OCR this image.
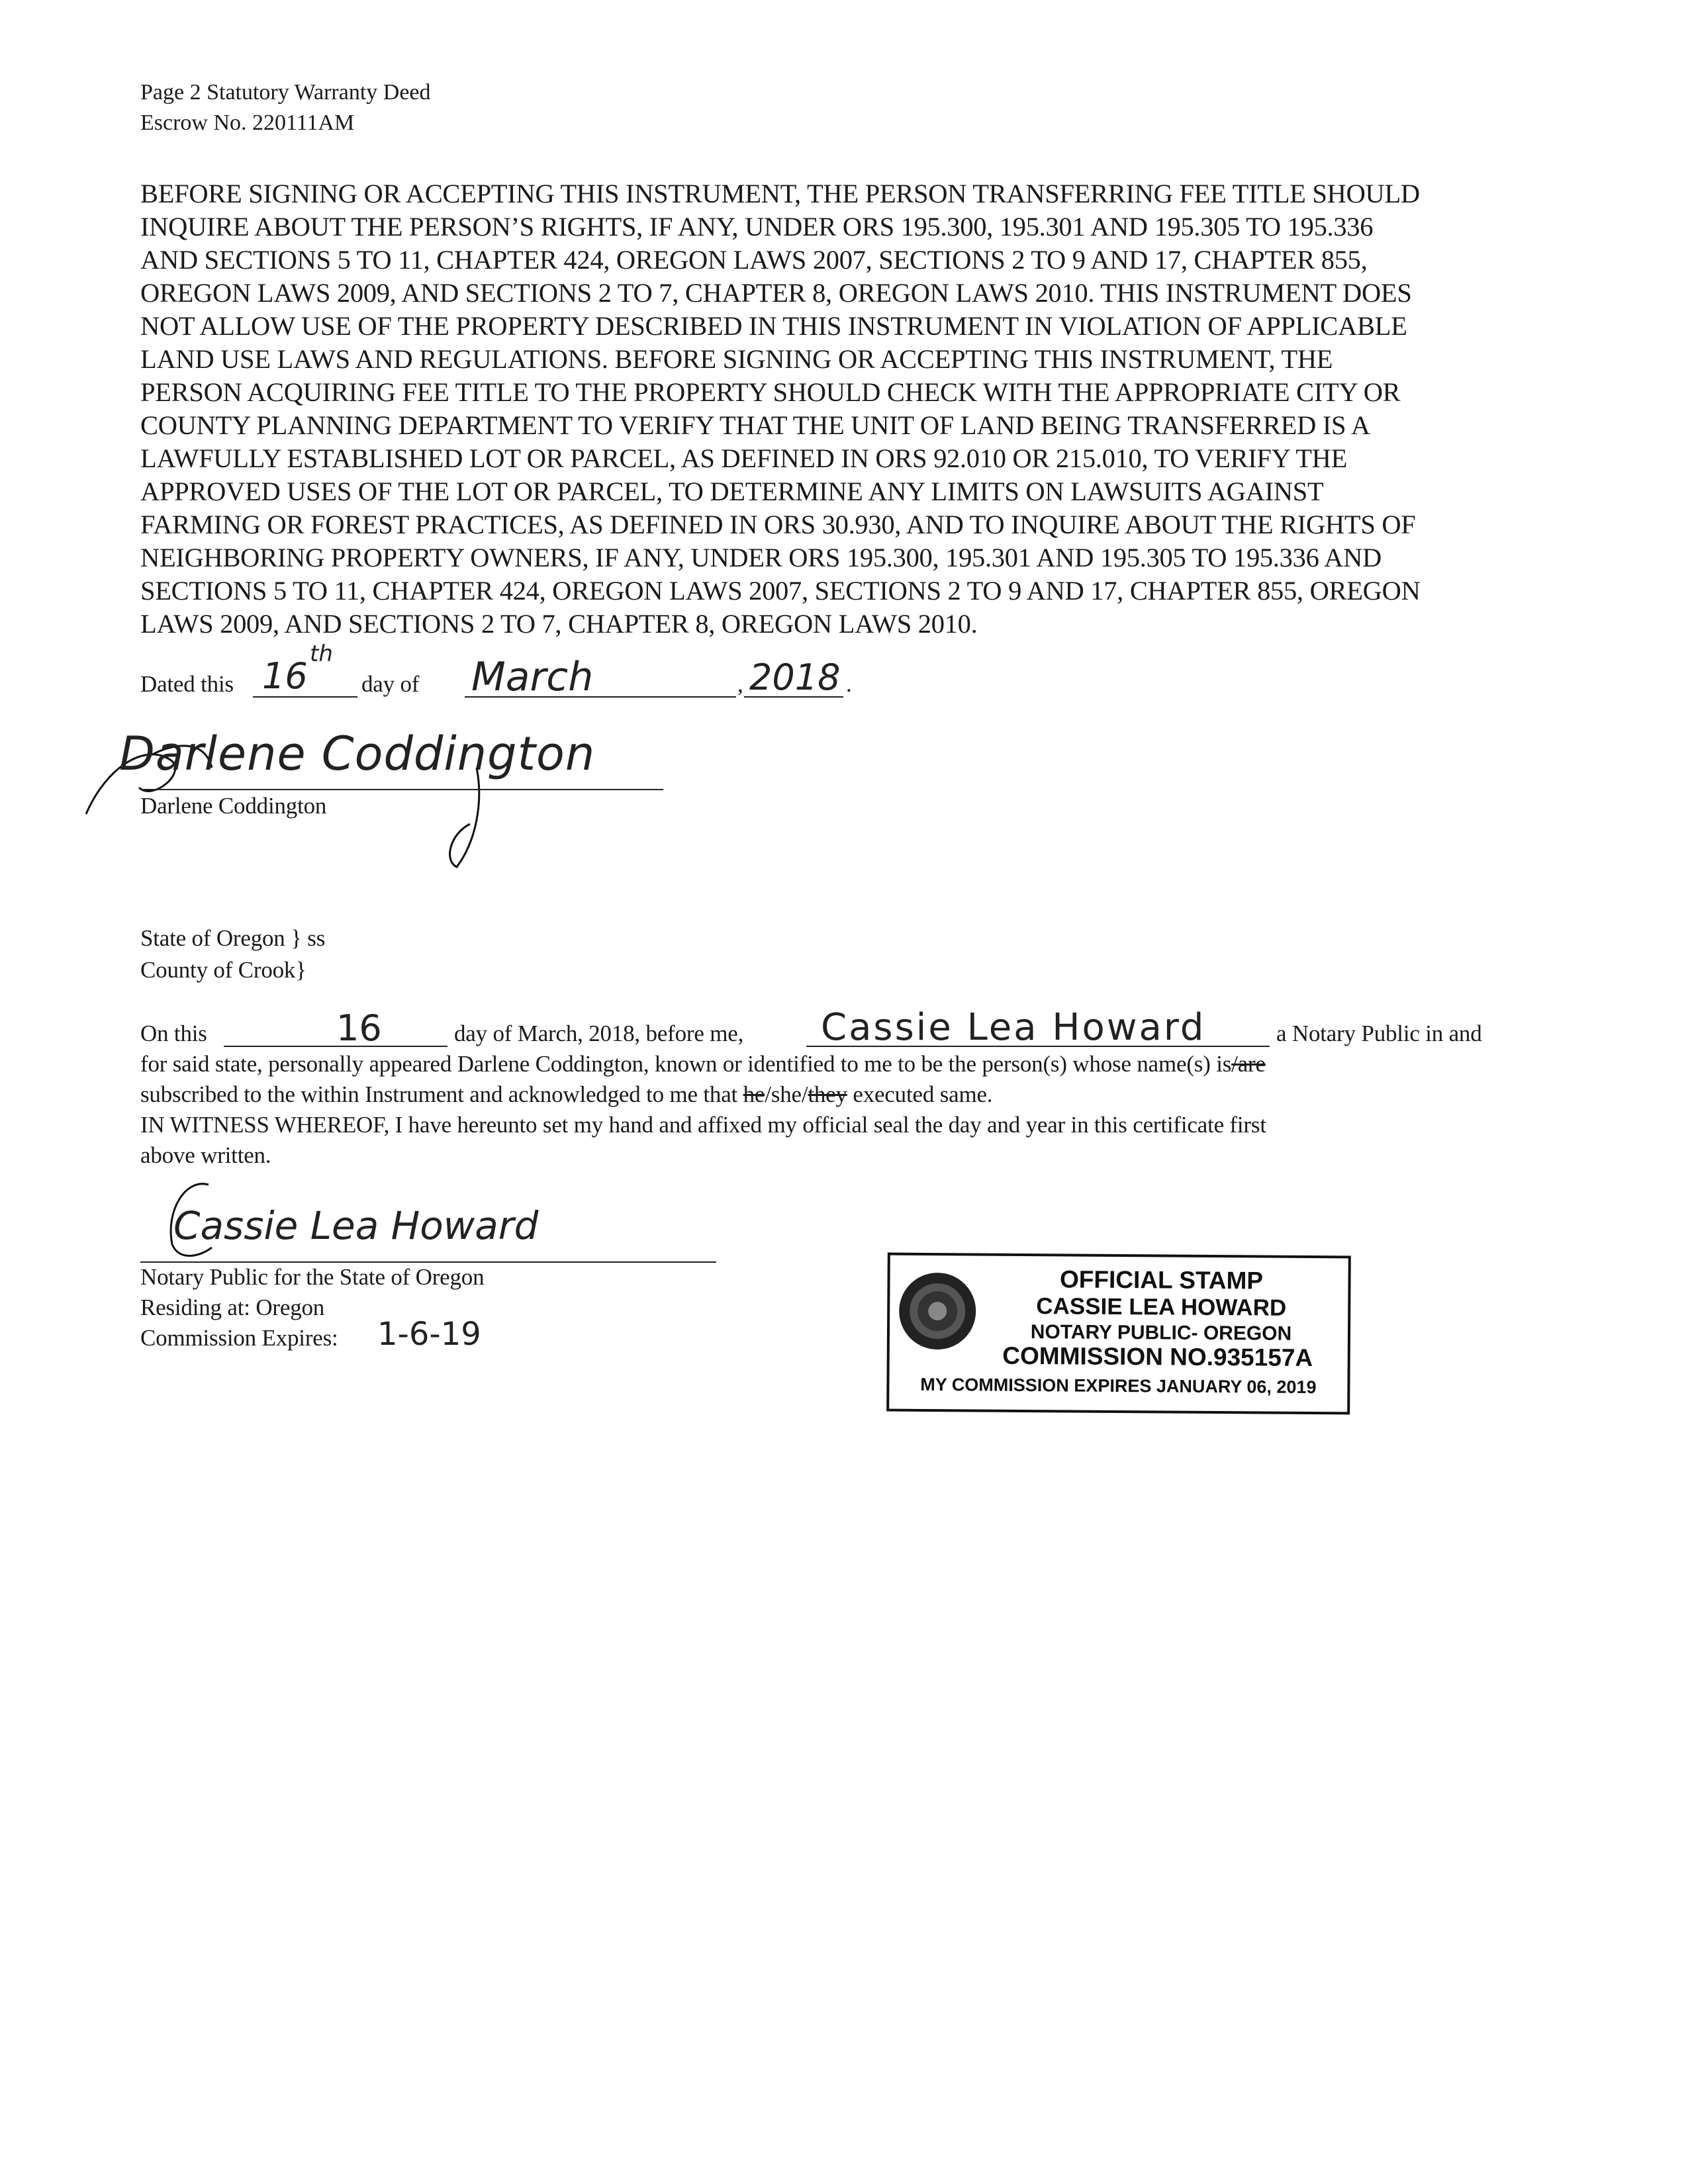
Page 2 Statutory Warranty Deed
Escrow No. 220111AM
BEFORE SIGNING OR ACCEPTING THIS INSTRUMENT, THE PERSON TRANSFERRING FEE TITLE SHOULD
INQUIRE ABOUT THE PERSON’S RIGHTS, IF ANY, UNDER ORS 195.300, 195.301 AND 195.305 TO 195.336
AND SECTIONS 5 TO 11, CHAPTER 424, OREGON LAWS 2007, SECTIONS 2 TO 9 AND 17, CHAPTER 855,
OREGON LAWS 2009, AND SECTIONS 2 TO 7, CHAPTER 8, OREGON LAWS 2010. THIS INSTRUMENT DOES
NOT ALLOW USE OF THE PROPERTY DESCRIBED IN THIS INSTRUMENT IN VIOLATION OF APPLICABLE
LAND USE LAWS AND REGULATIONS. BEFORE SIGNING OR ACCEPTING THIS INSTRUMENT, THE
PERSON ACQUIRING FEE TITLE TO THE PROPERTY SHOULD CHECK WITH THE APPROPRIATE CITY OR
COUNTY PLANNING DEPARTMENT TO VERIFY THAT THE UNIT OF LAND BEING TRANSFERRED IS A
LAWFULLY ESTABLISHED LOT OR PARCEL, AS DEFINED IN ORS 92.010 OR 215.010, TO VERIFY THE
APPROVED USES OF THE LOT OR PARCEL, TO DETERMINE ANY LIMITS ON LAWSUITS AGAINST
FARMING OR FOREST PRACTICES, AS DEFINED IN ORS 30.930, AND TO INQUIRE ABOUT THE RIGHTS OF
NEIGHBORING PROPERTY OWNERS, IF ANY, UNDER ORS 195.300, 195.301 AND 195.305 TO 195.336 AND
SECTIONS 5 TO 11, CHAPTER 424, OREGON LAWS 2007, SECTIONS 2 TO 9 AND 17, CHAPTER 855, OREGON
LAWS 2009, AND SECTIONS 2 TO 7, CHAPTER 8, OREGON LAWS 2010.
Dated this 16
th
day of March	, 2018 .
Darlene Coddington
Darlene Coddington
State of Oregon } ss
County of Crook}
On this	16	day of March, 2018, before me, Cassie Lea Howard	a Notary Public in and
for said state, personally appeared Darlene Coddington, known or identified to me to be the person(s) whose name(s) is/are
subscribed to the within Instrument and acknowledged to me that he/she/they executed same.
IN WITNESS WHEREOF, I have hereunto set my hand and affixed my official seal the day and year in this certificate first
above written.
Cassie Lea Howard
Notary Public for the State of Oregon
Residing at: Oregon
Commission Expires: 1-6-19
OFFICIAL STAMP
CASSIE LEA HOWARD
NOTARY PUBLIC- OREGON
COMMISSION NO.935157A
MY COMMISSION EXPIRES JANUARY 06, 2019
